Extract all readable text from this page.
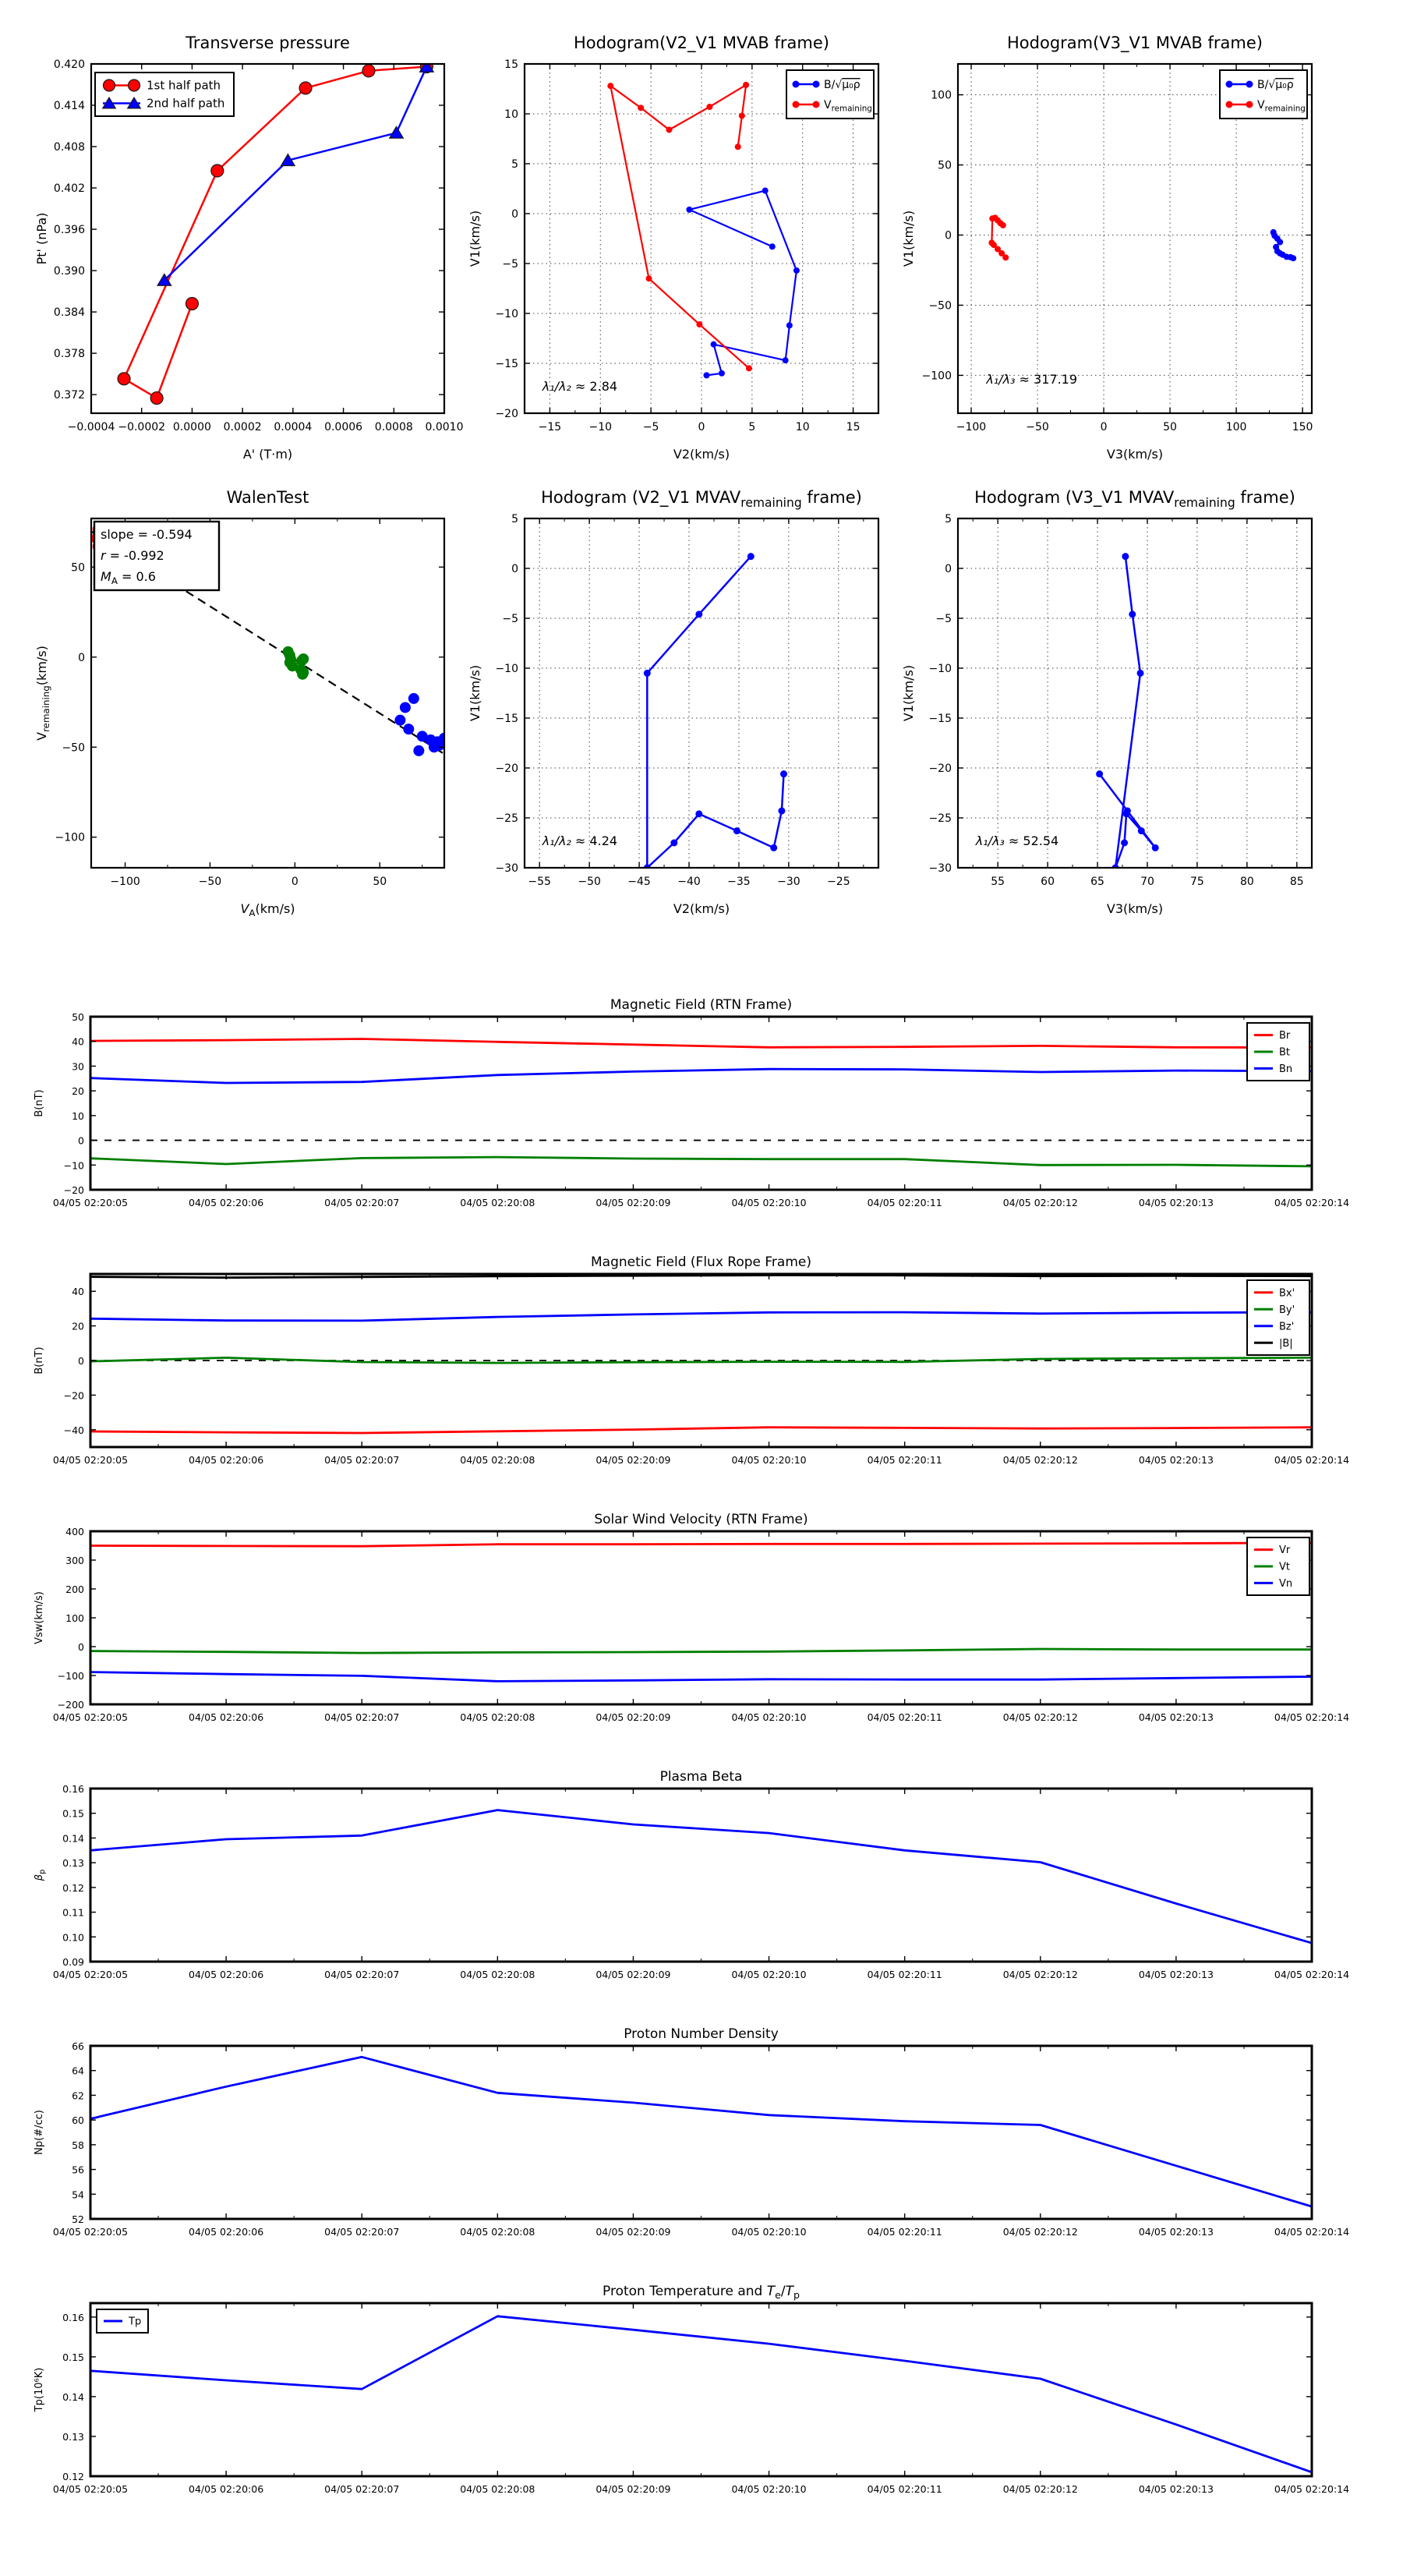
−0.0004 −0.0002 0.0000 0.0002 0.0004 0.0006 0.0008 0.0010
0.372
0.378
0.384
0.390
0.396
0.402
0.408
0.414
0.420
Transverse pressure
A' (T·m)
Pt' (nPa)
1st half path
2nd half path
−15	−10	−5	0	5	10	15
−20
−15
−10
−5
0
5
10
15
Hodogram(V2_V1 MVAB frame)
V2(km/s)
V1(km/s)
λ₁/λ₂ ≈ 2.84
B/√μ₀ρ
$V_{remaining}$
−100	−50	0	50	100	150
−100
−50
0
50
100
Hodogram(V3_V1 MVAB frame)
V3(km/s)
V1(km/s)
λ₁/λ₃ ≈ 317.19
B/√μ₀ρ
$V_{remaining}$
−100	−50	0	50
−100
−50
0
50
WalenTest
$V_A(km/s)$
$V_{remaining}(km/s)$
slope = -0.594
r = -0.992
$M_A = 0.6$
−55 −50 −45 −40 −35 −30 −25
−30
−25
−20
−15
−10
−5
0
5
Hodogram (V2_V1 $MVAV_{remaining}$ frame)
V2(km/s)
V1(km/s)
λ₁/λ₂ ≈ 4.24
55	60	65	70	75	80	85
−30
−25
−20
−15
−10
−5
0
5
Hodogram (V3_V1 $MVAV_{remaining}$ frame)
V3(km/s)
V1(km/s)
λ₁/λ₃ ≈ 52.54
04/05 02:20:05	04/05 02:20:06	04/05 02:20:07	04/05 02:20:08	04/05 02:20:09	04/05 02:20:10	04/05 02:20:11	04/05 02:20:12	04/05 02:20:13	04/05 02:20:14
−20
−10
0
10
20
30
40
50
Magnetic Field (RTN Frame)
B(nT)
Br
Bt
Bn
04/05 02:20:05	04/05 02:20:06	04/05 02:20:07	04/05 02:20:08	04/05 02:20:09	04/05 02:20:10	04/05 02:20:11	04/05 02:20:12	04/05 02:20:13	04/05 02:20:14
−40
−20
0
20
40
Magnetic Field (Flux Rope Frame)
B(nT)
Bx'
By'
Bz'
|B|
04/05 02:20:05	04/05 02:20:06	04/05 02:20:07	04/05 02:20:08	04/05 02:20:09	04/05 02:20:10	04/05 02:20:11	04/05 02:20:12	04/05 02:20:13	04/05 02:20:14
−200
−100
0
100
200
300
400
Solar Wind Velocity (RTN Frame)
Vsw(km/s)
Vr
Vt
Vn
04/05 02:20:05	04/05 02:20:06	04/05 02:20:07	04/05 02:20:08	04/05 02:20:09	04/05 02:20:10	04/05 02:20:11	04/05 02:20:12	04/05 02:20:13	04/05 02:20:14
0.09
0.10
0.11
0.12
0.13
0.14
0.15
0.16
Plasma Beta
$\beta_p$
04/05 02:20:05	04/05 02:20:06	04/05 02:20:07	04/05 02:20:08	04/05 02:20:09	04/05 02:20:10	04/05 02:20:11	04/05 02:20:12	04/05 02:20:13	04/05 02:20:14
52
54
56
58
60
62
64
66
Proton Number Density
Np(#/cc)
04/05 02:20:05	04/05 02:20:06	04/05 02:20:07	04/05 02:20:08	04/05 02:20:09	04/05 02:20:10	04/05 02:20:11	04/05 02:20:12	04/05 02:20:13	04/05 02:20:14
0.12
0.13
0.14
0.15
0.16
Proton Temperature and $T_e/T_p$
Tp(10⁶K)
Tp
